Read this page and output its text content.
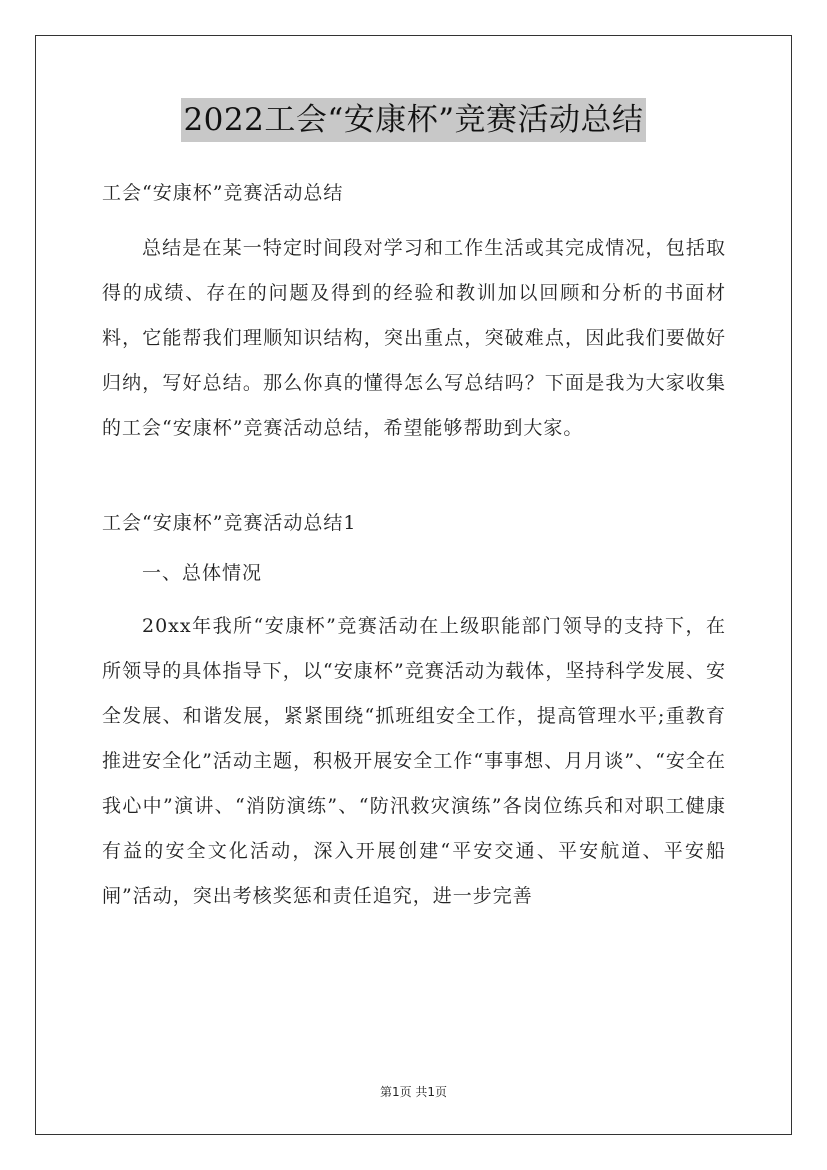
2022工会“安康杯”竞赛活动总结

工会“安康杯”竞赛活动总结

总结是在某一特定时间段对学习和工作生活或其完成情况，包括取得的成绩、存在的问题及得到的经验和教训加以回顾和分析的书面材料，它能帮我们理顺知识结构，突出重点，突破难点，因此我们要做好归纳，写好总结。那么你真的懂得怎么写总结吗？下面是我为大家收集的工会“安康杯”竞赛活动总结，希望能够帮助到大家。

工会“安康杯”竞赛活动总结1

一、总体情况

20xx年我所“安康杯”竞赛活动在上级职能部门领导的支持下，在所领导的具体指导下，以“安康杯”竞赛活动为载体，坚持科学发展、安全发展、和谐发展，紧紧围绕“抓班组安全工作，提高管理水平;重教育推进安全化”活动主题，积极开展安全工作“事事想、月月谈”、“安全在我心中”演讲、“消防演练”、“防汛救灾演练”各岗位练兵和对职工健康有益的安全文化活动，深入开展创建“平安交通、平安航道、平安船闸”活动，突出考核奖惩和责任追究，进一步完善

第1页 共1页
